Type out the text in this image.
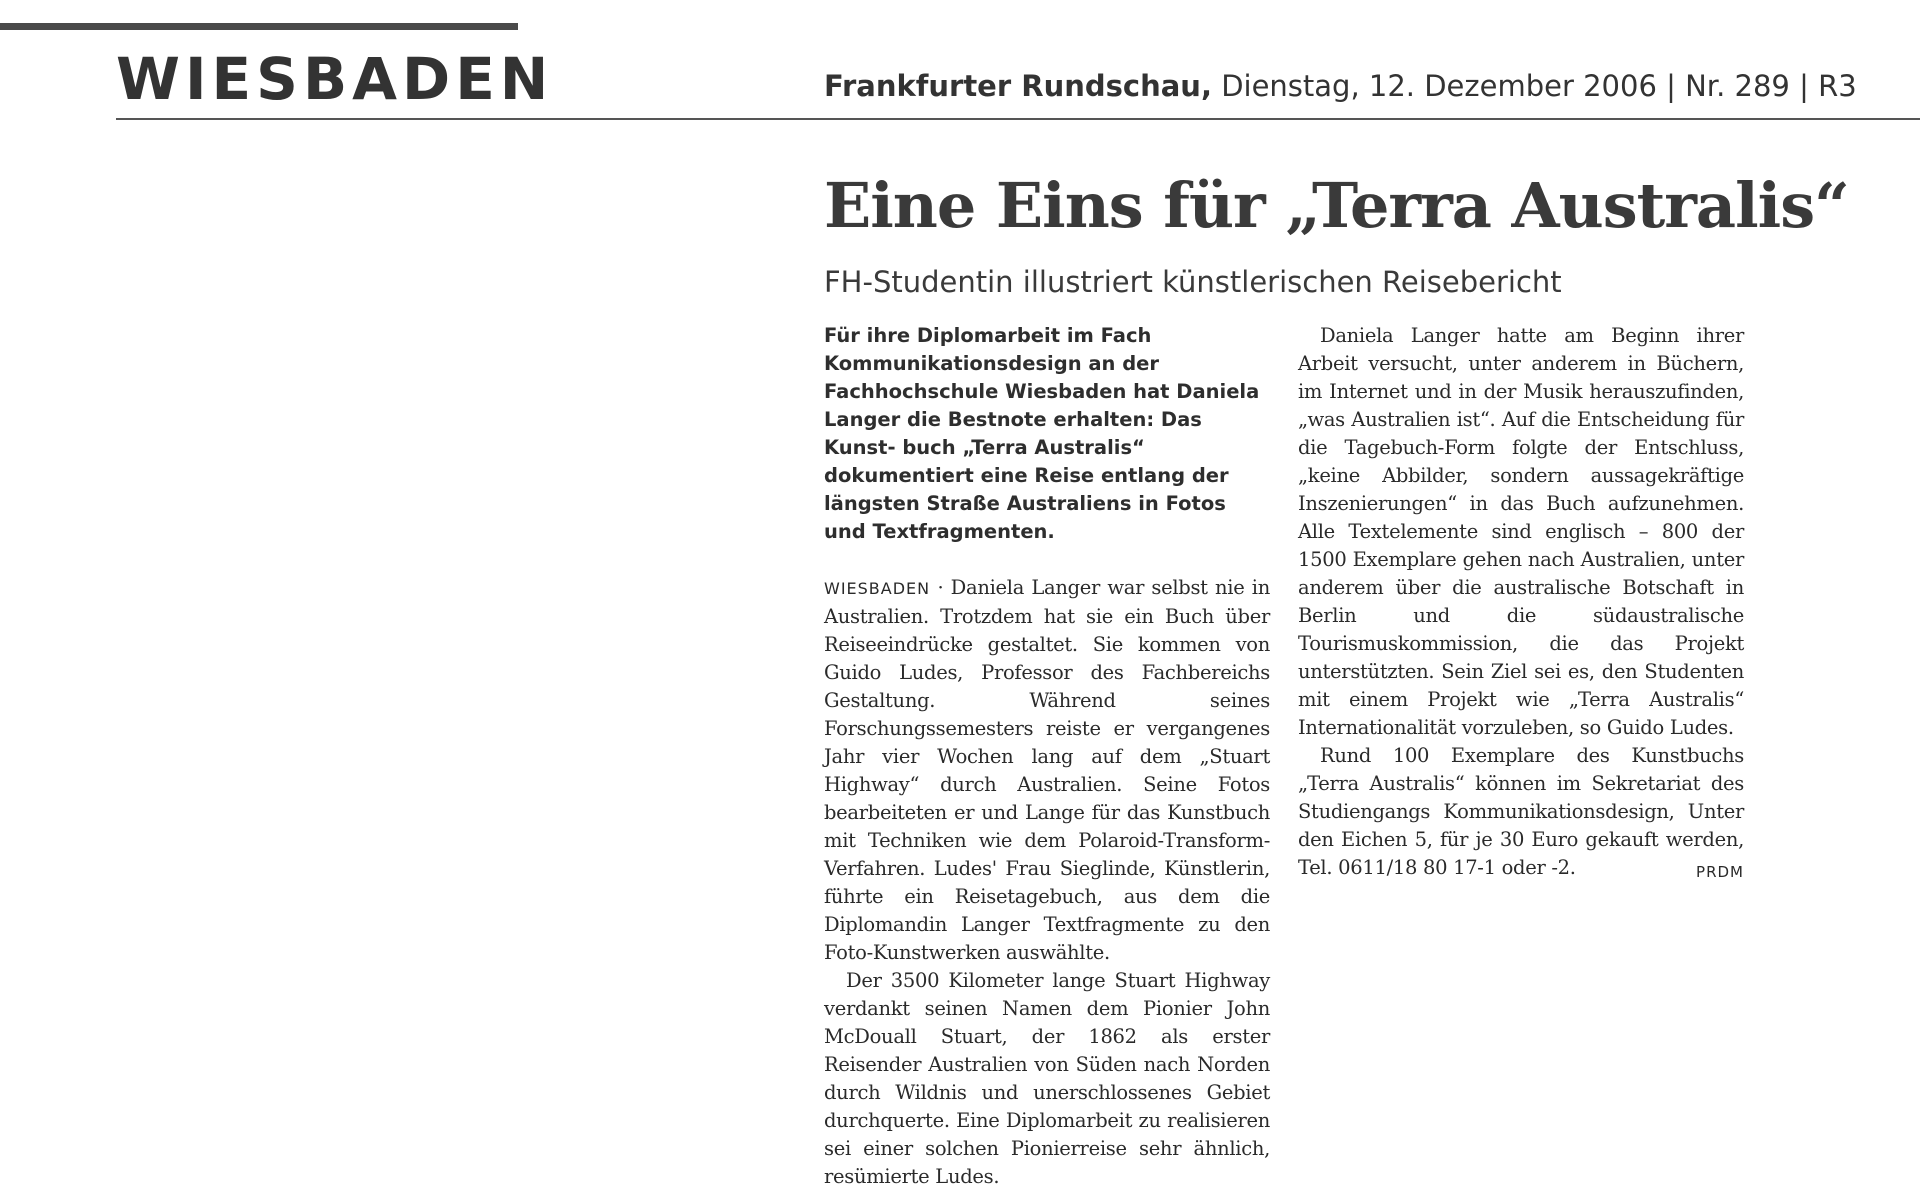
WIESBADEN	Frankfurter Rundschau, Dienstag, 12. Dezember 2006 | Nr. 289 | R3
Eine Eins für „Terra Australis“
FH-Studentin illustriert künstlerischen Reisebericht

Für ihre Diplomarbeit im Fach Kommunikationsdesign an der Fachhochschule Wiesbaden hat Daniela Langer die Bestnote erhalten: Das Kunst- buch „Terra Australis“ dokumentiert eine Reise entlang der längsten Straße Australiens in Fotos und Textfragmenten.

WIESBADEN · Daniela Langer war selbst nie in Australien. Trotzdem hat sie ein Buch über Reiseeindrücke gestaltet. Sie kommen von Guido Ludes, Professor des Fachbereichs Gestaltung. Während seines Forschungssemesters reiste er vergangenes Jahr vier Wochen lang auf dem „Stuart Highway“ durch Australien. Seine Fotos bearbeiteten er und Lange für das Kunstbuch mit Techniken wie dem Polaroid-Transform-Verfahren. Ludes' Frau Sieglinde, Künstlerin, führte ein Reisetagebuch, aus dem die Diplomandin Langer Textfragmente zu den Foto-Kunstwerken auswählte.

Der 3500 Kilometer lange Stuart Highway verdankt seinen Namen dem Pionier John McDouall Stuart, der 1862 als erster Reisender Australien von Süden nach Norden durch Wildnis und unerschlossenes Gebiet durchquerte. Eine Diplomarbeit zu realisieren sei einer solchen Pionierreise sehr ähnlich, resümierte Ludes.

Daniela Langer hatte am Beginn ihrer Arbeit versucht, unter anderem in Büchern, im Internet und in der Musik herauszufinden, „was Australien ist“. Auf die Entscheidung für die Tagebuch-Form folgte der Entschluss, „keine Abbilder, sondern aussagekräftige Inszenierungen“ in das Buch aufzunehmen. Alle Textelemente sind englisch – 800 der 1500 Exemplare gehen nach Australien, unter anderem über die australische Botschaft in Berlin und die südaustralische Tourismuskommission, die das Projekt unterstützten. Sein Ziel sei es, den Studenten mit einem Projekt wie „Terra Australis“ Internationalität vorzuleben, so Guido Ludes.

Rund 100 Exemplare des Kunstbuchs „Terra Australis“ können im Sekretariat des Studiengangs Kommunikationsdesign, Unter den Eichen 5, für je 30 Euro gekauft werden, Tel. 0611/18 80 17-1 oder -2.	PRDM
